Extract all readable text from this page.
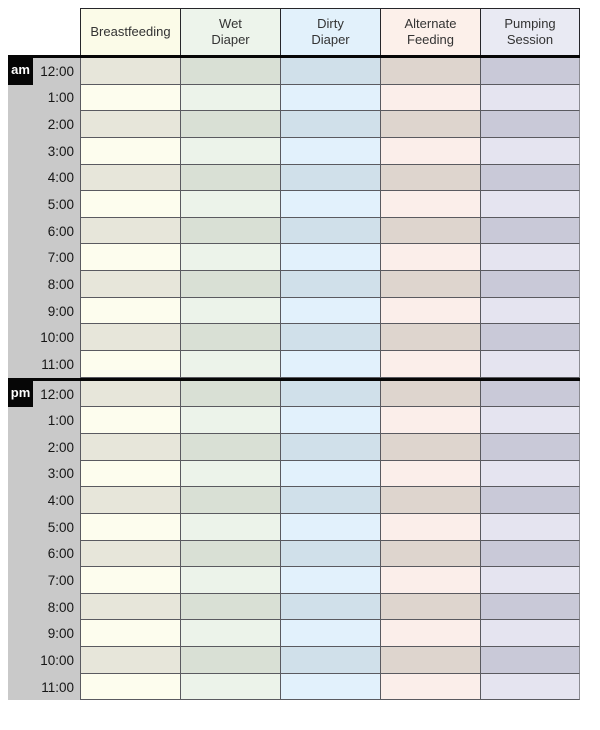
Breastfeeding
Wet
Diaper
Dirty
Diaper
Alternate
Feeding
Pumping
Session
am 12:00
1:00
2:00
3:00
4:00
5:00
6:00
7:00
8:00
9:00
10:00
11:00
pm 12:00
1:00
2:00
3:00
4:00
5:00
6:00
7:00
8:00
9:00
10:00
11:00
